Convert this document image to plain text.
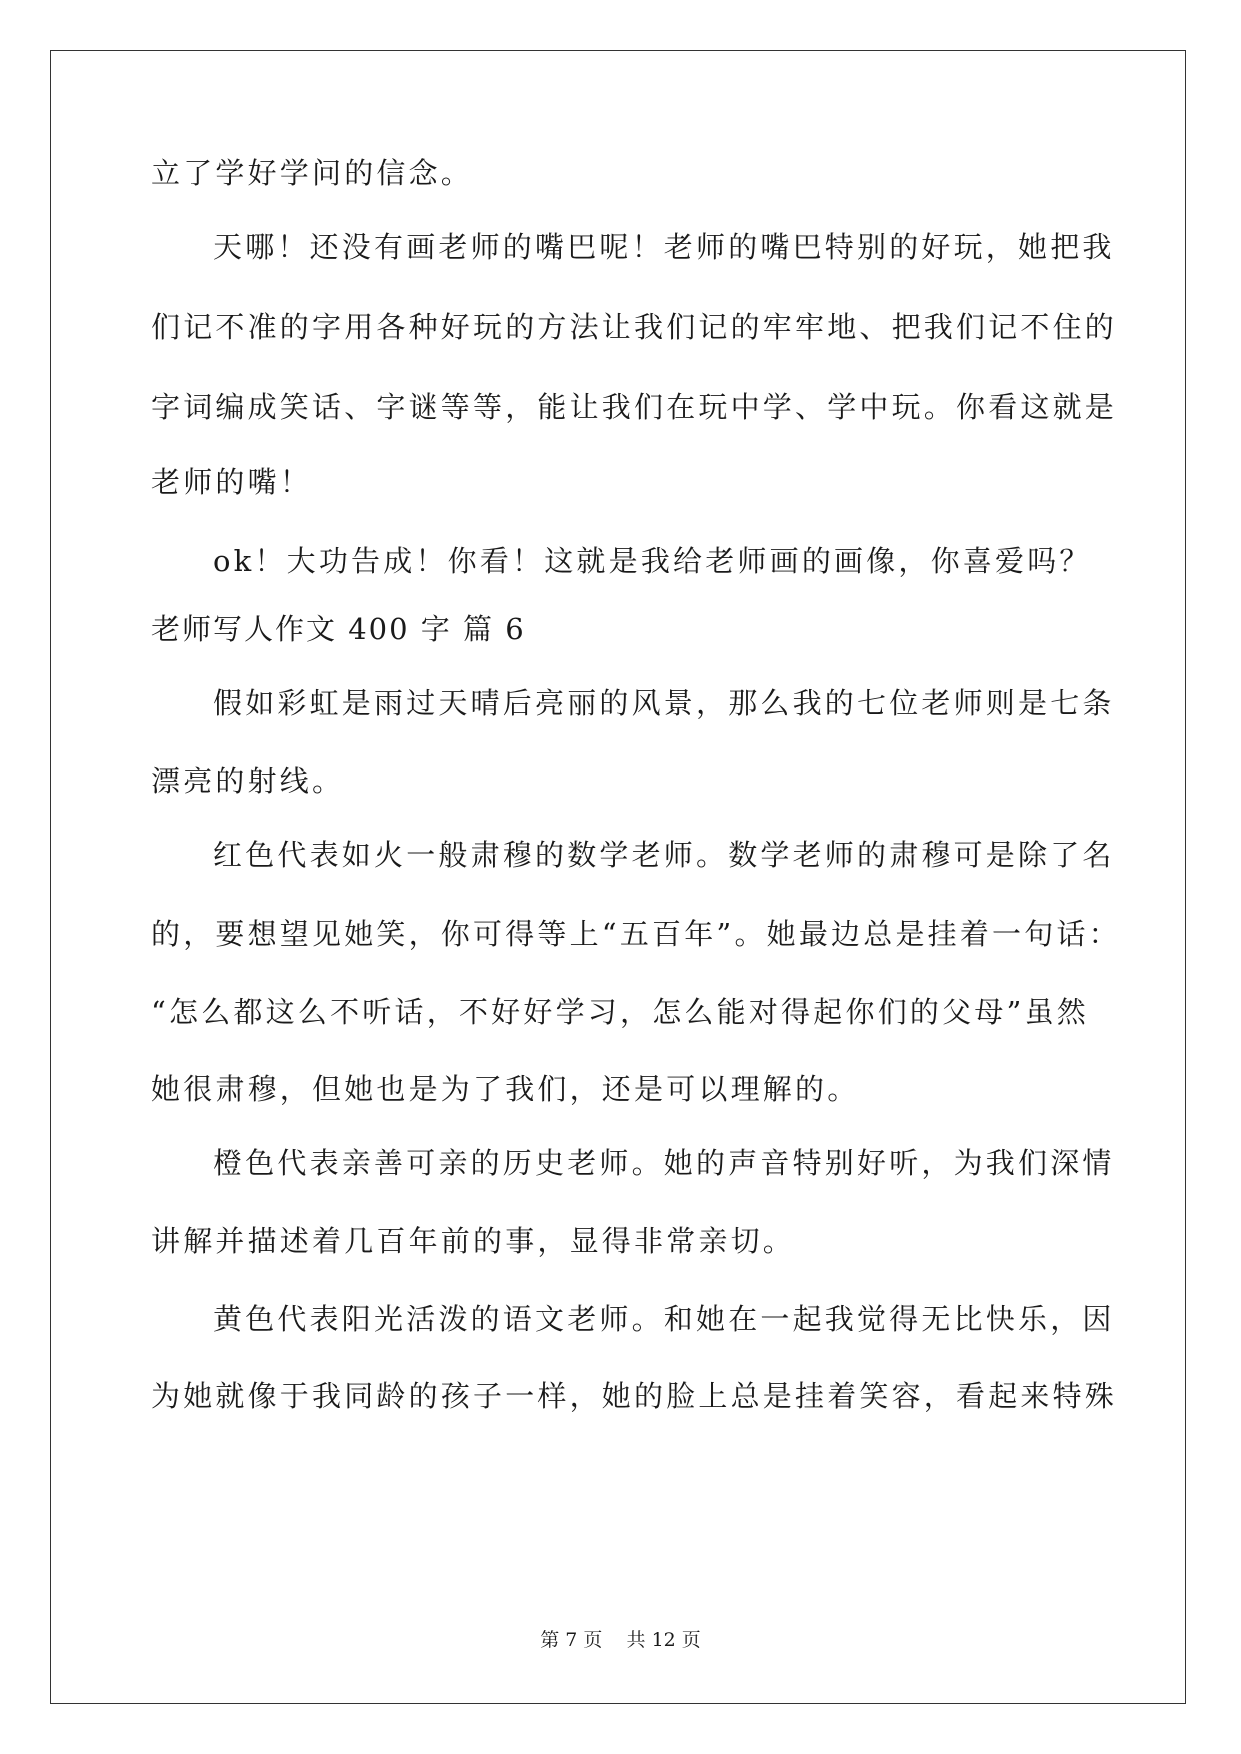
立了学好学问的信念。
天哪！还没有画老师的嘴巴呢！老师的嘴巴特别的好玩，她把我
们记不准的字用各种好玩的方法让我们记的牢牢地、把我们记不住的
字词编成笑话、字谜等等，能让我们在玩中学、学中玩。你看这就是
老师的嘴！
ok！大功告成！你看！这就是我给老师画的画像，你喜爱吗？
老师写人作文 400 字 篇 6
假如彩虹是雨过天晴后亮丽的风景，那么我的七位老师则是七条
漂亮的射线。
红色代表如火一般肃穆的数学老师。数学老师的肃穆可是除了名
的，要想望见她笑，你可得等上“五百年”。她最边总是挂着一句话：
“怎么都这么不听话，不好好学习，怎么能对得起你们的父母”虽然
她很肃穆，但她也是为了我们，还是可以理解的。
橙色代表亲善可亲的历史老师。她的声音特别好听，为我们深情
讲解并描述着几百年前的事，显得非常亲切。
黄色代表阳光活泼的语文老师。和她在一起我觉得无比快乐，因
为她就像于我同龄的孩子一样，她的脸上总是挂着笑容，看起来特殊
第 7 页    共 12 页
